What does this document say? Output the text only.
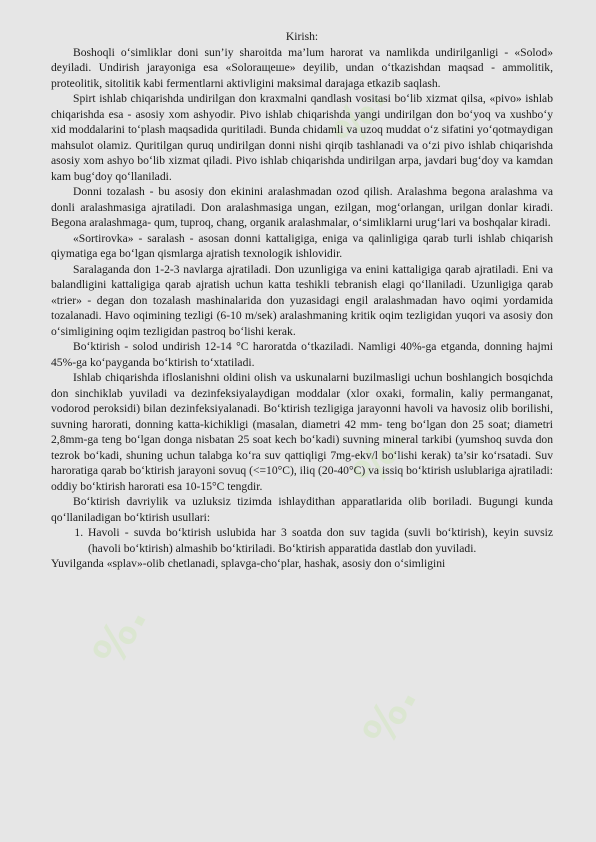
%.
%.
%.
%.
Kirish:

Boshoqli o‘simliklar doni sun’iy sharoitda ma’lum harorat va namlikda undirilganligi - «Solod» deyiladi. Undirish jarayoniga esa «Solorащеше» deyilib, undan o‘tkazishdan maqsad - ammolitik, proteolitik, sitolitik kabi fermentlarni aktivligini maksimal darajaga etkazib saqlash.

Spirt ishlab chiqarishda undirilgan don kraxmalni qandlash vositasi bo‘lib xizmat qilsa, «pivo» ishlab chiqarishda esa - asosiy xom ashyodir. Pivo ishlab chiqarishda yangi undirilgan don bo‘yoq va xushbo‘y xid moddalarini to‘plash maqsadida quritiladi. Bunda chidamli va uzoq muddat o‘z sifatini yo‘qotmaydigan mahsulot olamiz. Quritilgan quruq undirilgan donni nishi qirqib tashlanadi va o‘zi pivo ishlab chiqarishda asosiy xom ashyo bo‘lib xizmat qiladi. Pivo ishlab chiqarishda undirilgan arpa, javdari bug‘doy va kamdan kam bug‘doy qo‘llaniladi.

Donni tozalash - bu asosiy don ekinini aralashmadan ozod qilish. Aralashma begona aralashma va donli aralashmasiga ajratiladi. Don aralashmasiga ungan, ezilgan, mog‘orlangan, urilgan donlar kiradi. Begona aralashmaga- qum, tuproq, chang, organik aralashmalar, o‘simliklarni urug‘lari va boshqalar kiradi.

«Sortirovka» - saralash - asosan donni kattaligiga, eniga va qalinligiga qarab turli ishlab chiqarish qiymatiga ega bo‘lgan qismlarga ajratish texnologik ishlovidir.

Saralaganda don 1-2-3 navlarga ajratiladi. Don uzunligiga va enini kattaligiga qarab ajratiladi. Eni va balandligini kattaligiga qarab ajratish uchun katta teshikli tebranish elagi qo‘llaniladi. Uzunligiga qarab «trier» - degan don tozalash mashinalarida don yuzasidagi engil aralashmadan havo oqimi yordamida tozalanadi. Havo oqimining tezligi (6-10 m/sek) aralashmaning kritik oqim tezligidan yuqori va asosiy don o‘simligining oqim tezligidan pastroq bo‘lishi kerak.

Bo‘ktirish - solod undirish 12-14 °C haroratda o‘tkaziladi. Namligi 40%-ga etganda, donning hajmi 45%-ga ko‘payganda bo‘ktirish to‘xtatiladi.

Ishlab chiqarishda ifloslanishni oldini olish va uskunalarni buzilmasligi uchun boshlangich bosqichda don sinchiklab yuviladi va dezinfeksiyalaydigan moddalar (xlor oxaki, formalin, kaliy permanganat, vodorod peroksidi) bilan dezinfeksiyalanadi. Bo‘ktirish tezligiga jarayonni havoli va havosiz olib borilishi, suvning harorati, donning katta-kichikligi (masalan, diametri 42 mm- teng bo‘lgan don 25 soat; diametri 2,8mm-ga teng bo‘lgan donga nisbatan 25 soat kech bo‘kadi) suvning mineral tarkibi (yumshoq suvda don tezrok bo‘kadi, shuning uchun talabga ko‘ra suv qattiqligi 7mg-ekv/l bo‘lishi kerak) ta’sir ko‘rsatadi. Suv haroratiga qarab bo‘ktirish jarayoni sovuq (<=10°C), iliq (20-40°C) va issiq bo‘ktirish uslublariga ajratiladi: oddiy bo‘ktirish harorati esa 10-15°C tengdir.

Bo‘ktirish davriylik va uzluksiz tizimda ishlaydithan apparatlarida olib boriladi. Bugungi kunda qo‘llaniladigan bo‘ktirish usullari:

1. Havoli - suvda bo‘ktirish uslubida har 3 soatda don suv tagida (suvli bo‘ktirish), keyin suvsiz (havoli bo‘ktirish) almashib bo‘ktiriladi. Bo‘ktirish apparatida dastlab don yuviladi.

Yuvilganda «splav»-olib chetlanadi, splavga-cho‘plar, hashak, asosiy don o‘simligini
